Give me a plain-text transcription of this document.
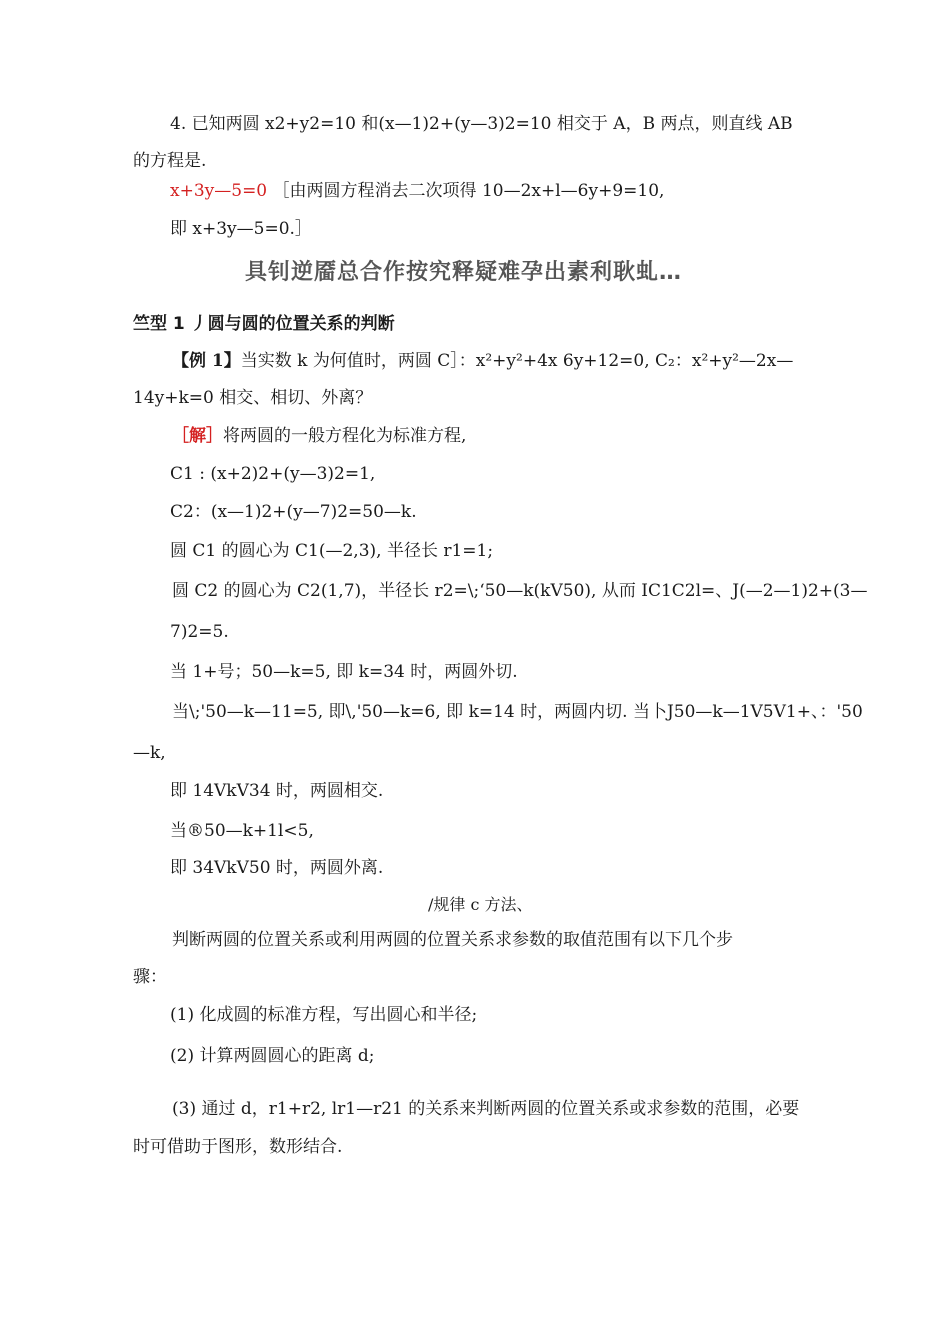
4. 已知两圆 x2+y2=10 和(x—1)2+(y—3)2=10 相交于 A，B 两点，则直线 AB
的方程是.
x+3y—5=0 ［由两圆方程消去二次项得 10—2x+l—6y+9=10,
即 x+3y—5=0.］
具钊逆靥总合作按究释疑难孕出素利耿虬…
竺型 1 丿圆与圆的位置关系的判断
【例 1】当实数 k 为何值时，两圆 C］：x²+y²+4x 6y+12=0, C₂：x²+y²—2x—
14y+k=0 相交、相切、外离？
［解］将两圆的一般方程化为标准方程,
C1 : (x+2)2+(y—3)2=1,
C2：(x—1)2+(y—7)2=50—k.
圆 C1 的圆心为 C1(—2,3), 半径长 r1=1;
圆 C2 的圆心为 C2(1,7)，半径长 r2=\;‘50—k(kV50), 从而 IC1C2l=、J(—2—1)2+(3—
7)2=5.
当 1+号；50—k=5, 即 k=34 时，两圆外切.
当\;'50—k—11=5, 即\,'50—k=6, 即 k=14 时，两圆内切. 当卜J50—k—1V5V1+、：'50
—k,
即 14VkV34 时，两圆相交.
当®50—k+1l<5,
即 34VkV50 时，两圆外离.
/规律 c 方法、
判断两圆的位置关系或利用两圆的位置关系求参数的取值范围有以下几个步
骤：
(1) 化成圆的标准方程，写出圆心和半径;
(2) 计算两圆圆心的距离 d;
(3) 通过 d，r1+r2, lr1—r21 的关系来判断两圆的位置关系或求参数的范围，必要
时可借助于图形，数形结合.
